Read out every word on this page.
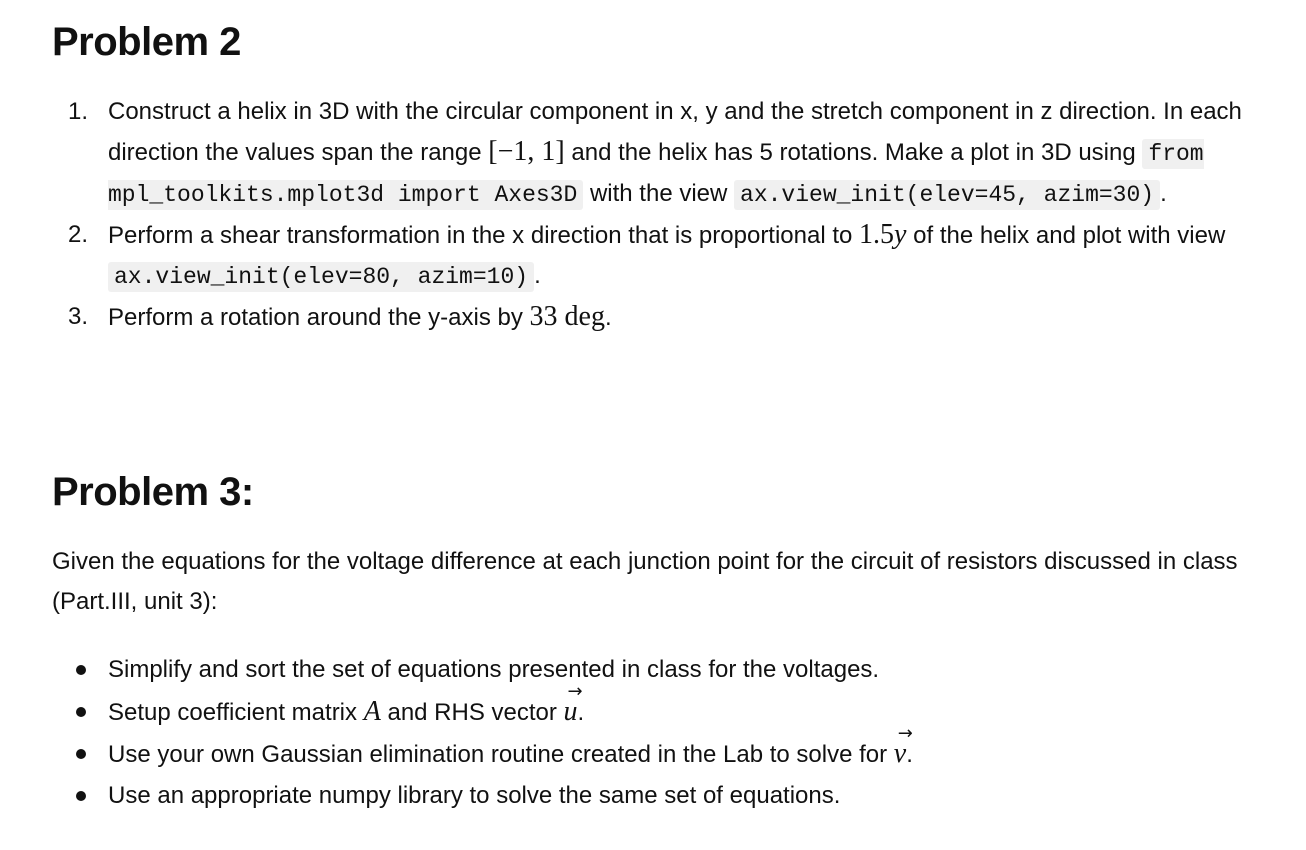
Problem 2
1. Construct a helix in 3D with the circular component in x, y and the stretch component in z direction. In each direction the values span the range [−1, 1] and the helix has 5 rotations. Make a plot in 3D using from mpl_toolkits.mplot3d import Axes3D with the view ax.view_init(elev=45, azim=30) .
2. Perform a shear transformation in the x direction that is proportional to 1.5y of the helix and plot with view ax.view_init(elev=80, azim=10) .
3. Perform a rotation around the y-axis by 33 deg.
Problem 3:

Given the equations for the voltage difference at each junction point for the circuit of resistors discussed in class (Part.III, unit 3):

Simplify and sort the set of equations presented in class for the voltages.
Setup coefficient matrix A and RHS vector
→
u.
Use your own Gaussian elimination routine created in the Lab to solve for
→
v.
Use an appropriate numpy library to solve the same set of equations.
